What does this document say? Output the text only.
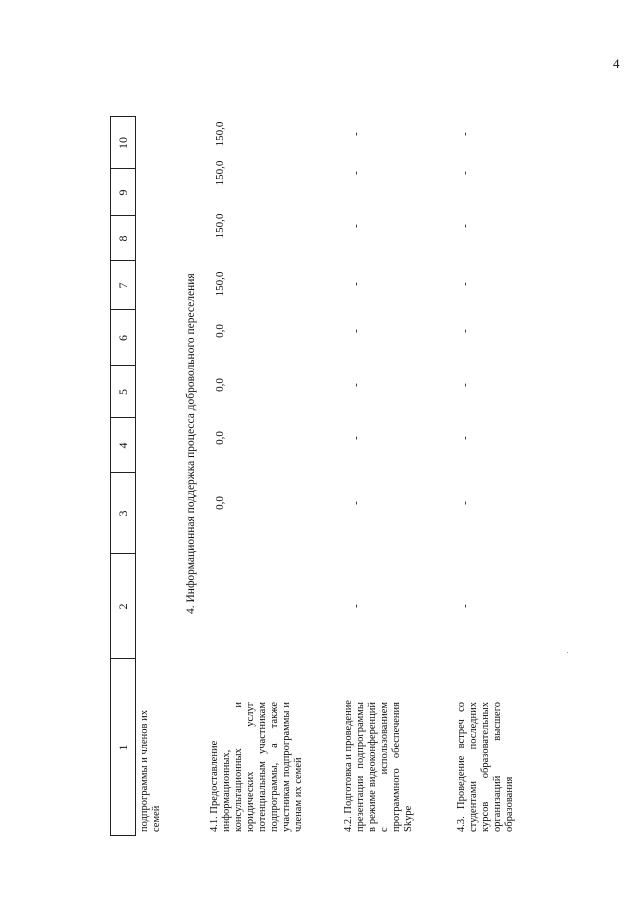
4
1
2
3
4
5
6
7
8
9
10
подпрограммы и членов их семей
4. Информационная поддержка процесса добровольного переселения
4.1. Предоставление информационных, консультационных и юридических услуг потенциальным участникам подпрограммы, а также участникам подпрограммы и членам их семей
0,0
0,0
0,0
0,0
150,0
150,0
150,0
150,0
4.2. Подготовка и проведение презентации подпрограммы в режиме видеоконференций с использованием программного обеспечения Skype
-
-
-
-
-
-
-
-
-
4.3. Проведение встреч со студентами последних курсов образовательных организаций высшего образования
-
-
-
-
-
-
-
-
-
